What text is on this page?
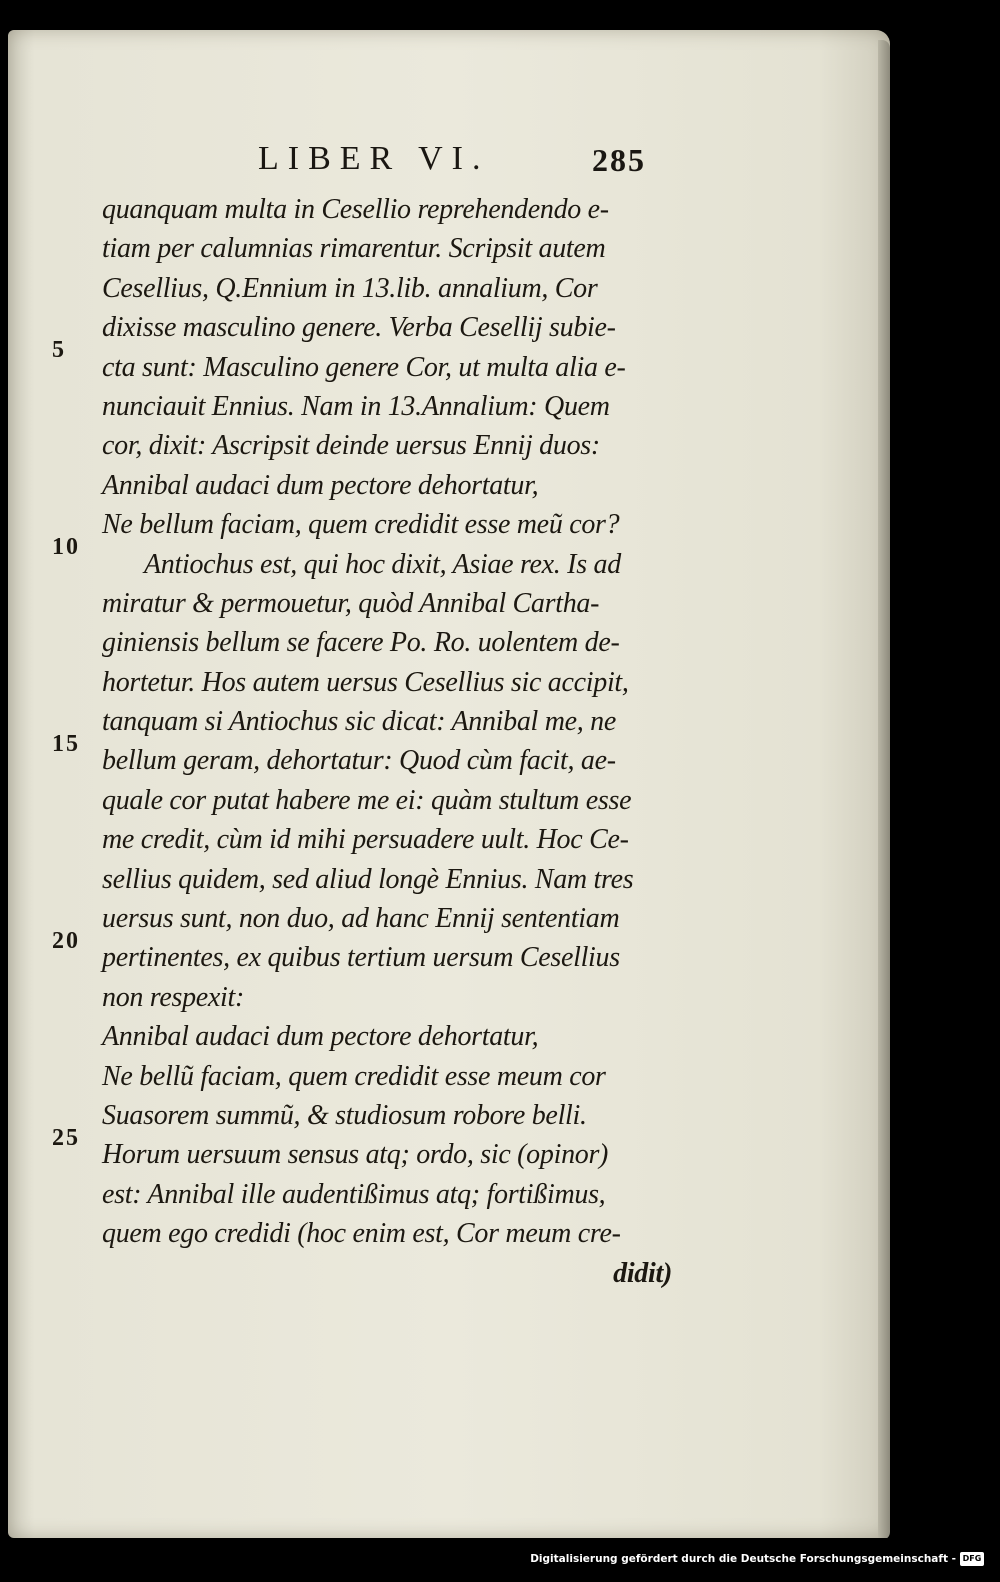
LIBER VI.	285
5
10
15
20
25
quanquam multa in Cesellio reprehendendo e-
tiam per calumnias rimarentur. Scripsit autem
Cesellius, Q.Ennium in 13.lib. annalium, Cor
dixisse masculino genere. Verba Cesellij subie-
cta sunt: Masculino genere Cor, ut multa alia e-
nunciauit Ennius. Nam in 13.Annalium: Quem
cor, dixit: Ascripsit deinde uersus Ennij duos:
Annibal audaci dum pectore dehortatur,
Ne bellum faciam, quem credidit esse meũ cor?
Antiochus est, qui hoc dixit, Asiae rex. Is ad
miratur & permouetur, quòd Annibal Cartha-
giniensis bellum se facere Po. Ro. uolentem de-
hortetur. Hos autem uersus Cesellius sic accipit,
tanquam si Antiochus sic dicat: Annibal me, ne
bellum geram, dehortatur: Quod cùm facit, ae-
quale cor putat habere me ei: quàm stultum esse
me credit, cùm id mihi persuadere uult. Hoc Ce-
sellius quidem, sed aliud longè Ennius. Nam tres
uersus sunt, non duo, ad hanc Ennij sententiam
pertinentes, ex quibus tertium uersum Cesellius
non respexit:
Annibal audaci dum pectore dehortatur,
Ne bellũ faciam, quem credidit esse meum cor
Suasorem summũ, & studiosum robore belli.
Horum uersuum sensus atq; ordo, sic (opinor)
est: Annibal ille audentißimus atq; fortißimus,
quem ego credidi (hoc enim est, Cor meum cre-
didit)
Digitalisierung gefördert durch die Deutsche Forschungsgemeinschaft - DFG
